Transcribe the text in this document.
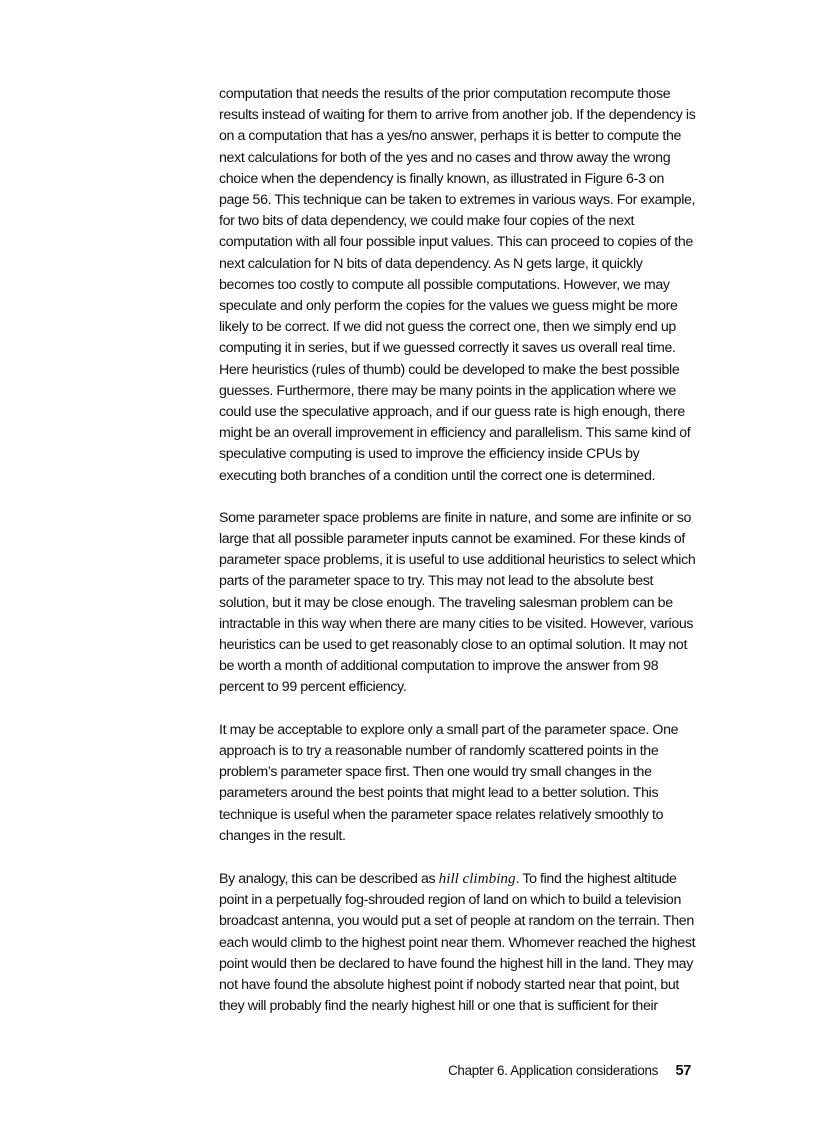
computation that needs the results of the prior computation recompute those results instead of waiting for them to arrive from another job. If the dependency is on a computation that has a yes/no answer, perhaps it is better to compute the next calculations for both of the yes and no cases and throw away the wrong choice when the dependency is finally known, as illustrated in Figure 6-3 on page 56. This technique can be taken to extremes in various ways. For example, for two bits of data dependency, we could make four copies of the next computation with all four possible input values. This can proceed to copies of the next calculation for N bits of data dependency. As N gets large, it quickly becomes too costly to compute all possible computations. However, we may speculate and only perform the copies for the values we guess might be more likely to be correct. If we did not guess the correct one, then we simply end up computing it in series, but if we guessed correctly it saves us overall real time. Here heuristics (rules of thumb) could be developed to make the best possible guesses. Furthermore, there may be many points in the application where we could use the speculative approach, and if our guess rate is high enough, there might be an overall improvement in efficiency and parallelism. This same kind of speculative computing is used to improve the efficiency inside CPUs by executing both branches of a condition until the correct one is determined.

Some parameter space problems are finite in nature, and some are infinite or so large that all possible parameter inputs cannot be examined. For these kinds of parameter space problems, it is useful to use additional heuristics to select which parts of the parameter space to try. This may not lead to the absolute best solution, but it may be close enough. The traveling salesman problem can be intractable in this way when there are many cities to be visited. However, various heuristics can be used to get reasonably close to an optimal solution. It may not be worth a month of additional computation to improve the answer from 98 percent to 99 percent efficiency.

It may be acceptable to explore only a small part of the parameter space. One approach is to try a reasonable number of randomly scattered points in the problem’s parameter space first. Then one would try small changes in the parameters around the best points that might lead to a better solution. This technique is useful when the parameter space relates relatively smoothly to changes in the result.

By analogy, this can be described as hill climbing. To find the highest altitude point in a perpetually fog-shrouded region of land on which to build a television broadcast antenna, you would put a set of people at random on the terrain. Then each would climb to the highest point near them. Whomever reached the highest point would then be declared to have found the highest hill in the land. They may not have found the absolute highest point if nobody started near that point, but they will probably find the nearly highest hill or one that is sufficient for their

Chapter 6. Application considerations 57
